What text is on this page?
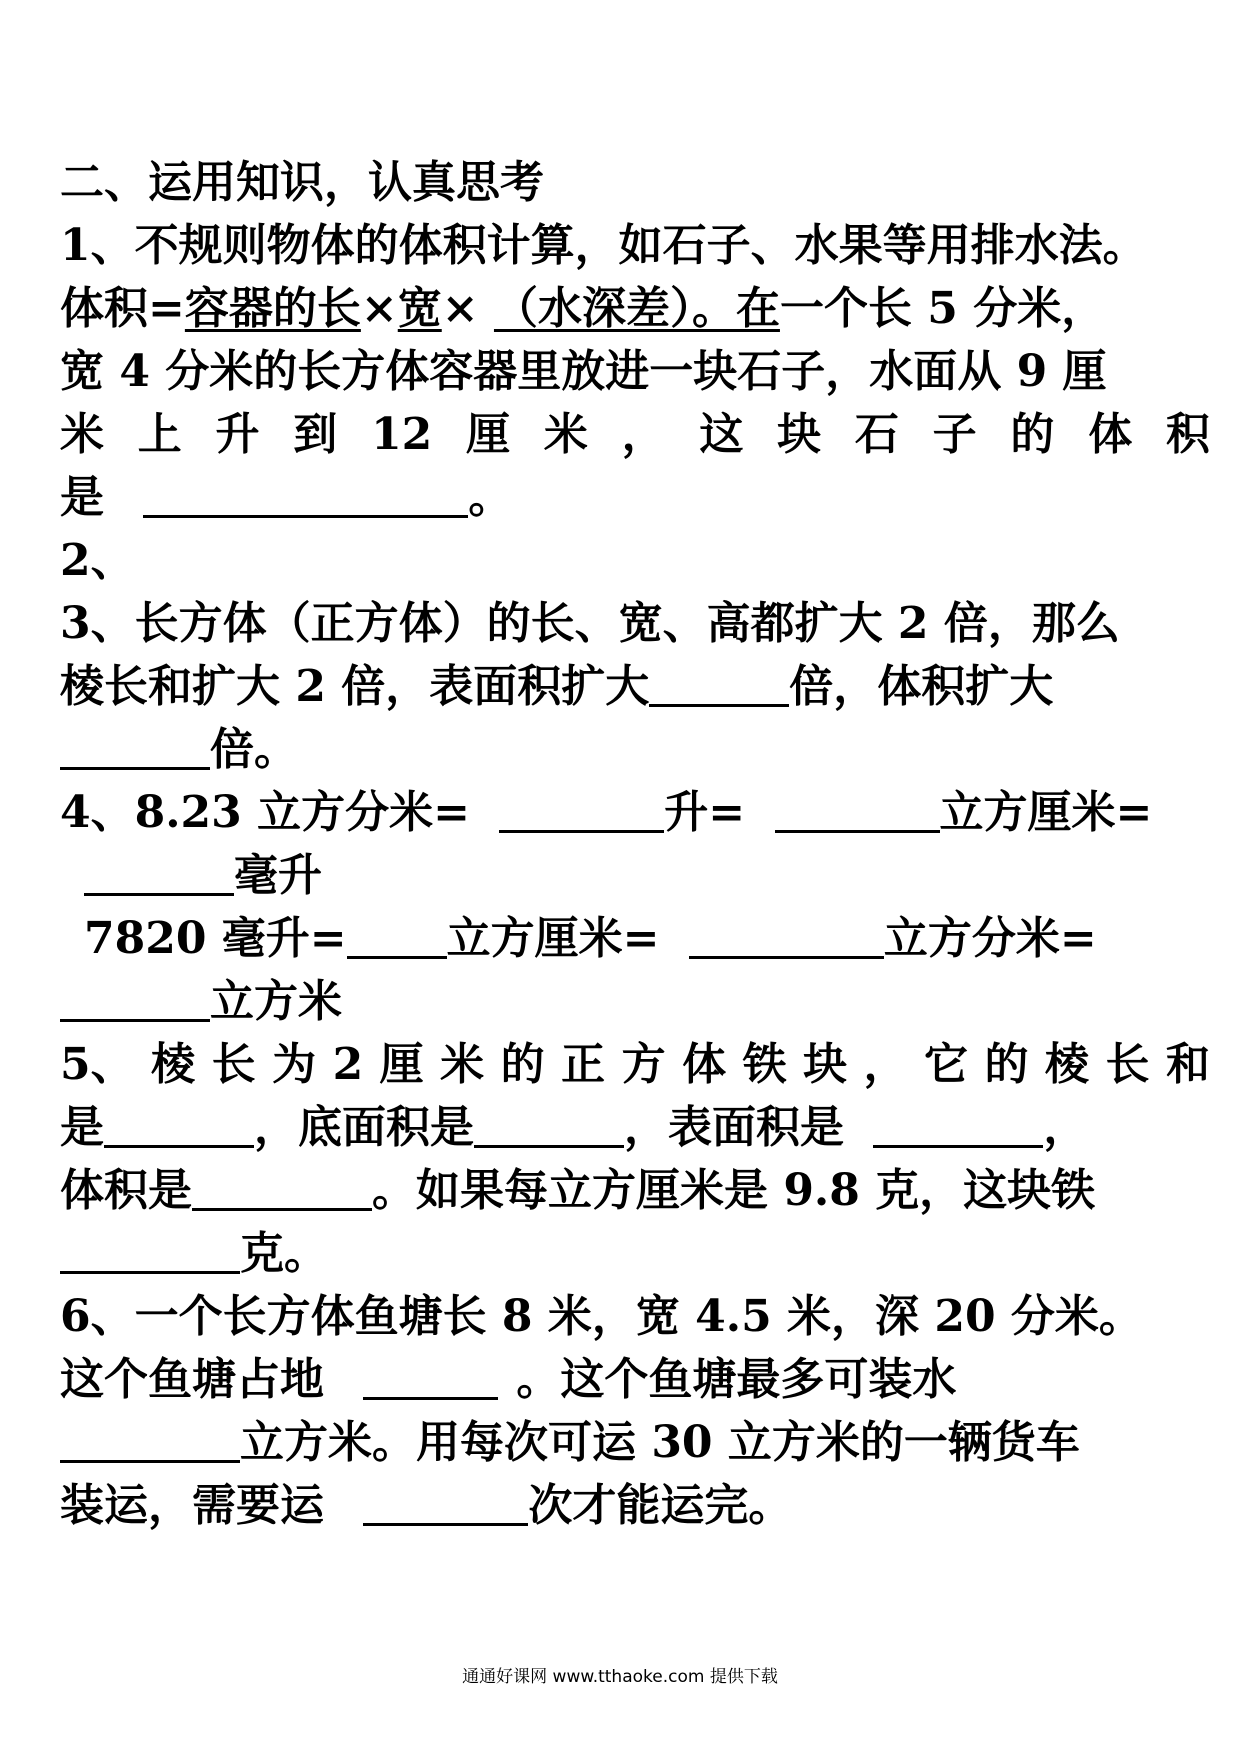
二、运用知识，认真思考
1、不规则物体的体积计算，如石子、水果等用排水法。
体积=容器的长×宽× （水深差）。在一个长 5 分米，
宽 4 分米的长方体容器里放进一块石子，水面从 9 厘
米 上 升 到 12 厘 米 ， 这 块 石 子 的 体 积
是	。
2、
3、长方体（正方体）的长、宽、高都扩大 2 倍，那么
棱长和扩大 2 倍，表面积扩大	倍，体积扩大
倍。
4、8.23 立方分米=	升=	立方厘米=
毫升
7820 毫升= 立方厘米=	立方分米=
立方米
5、 棱 长 为 2 厘 米 的 正 方 体 铁 块 ， 它 的 棱 长 和
是	，底面积是	，表面积是	，
体积是	。如果每立方厘米是 9.8 克，这块铁
克。
6、一个长方体鱼塘长 8 米，宽 4.5 米，深 20 分米。
这个鱼塘占地	。这个鱼塘最多可装水
立方米。用每次可运 30 立方米的一辆货车
装运，需要运	次才能运完。
通通好课网 www.tthaoke.com 提供下载
